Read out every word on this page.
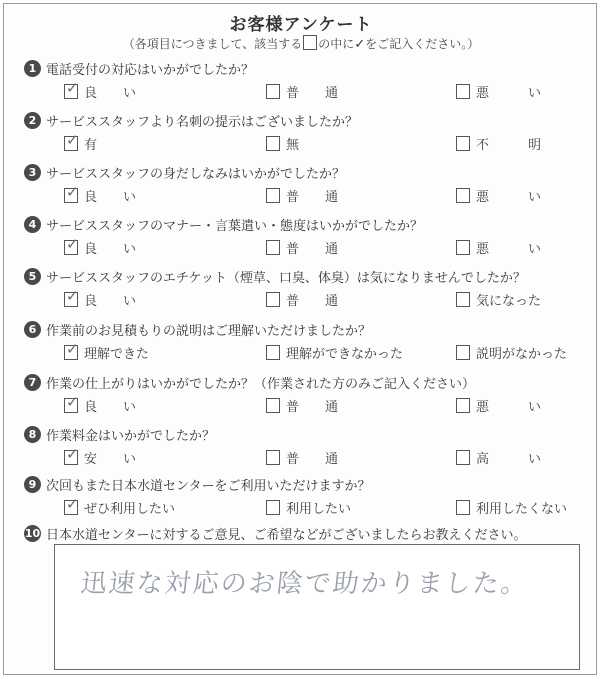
お客様アンケート
（各項目につきまして、該当する の中に✓をご記入ください。）
1 電話受付の対応はいかがでしたか？
✓ 良　　い	普　　通	悪　　　い
2 サービススタッフより名刺の提示はございましたか？
✓ 有	無	不　　　明
3 サービススタッフの身だしなみはいかがでしたか？
✓ 良　　い	普　　通	悪　　　い
4 サービススタッフのマナー・言葉遣い・態度はいかがでしたか？
✓ 良　　い	普　　通	悪　　　い
5 サービススタッフのエチケット（煙草、口臭、体臭）は気になりませんでしたか？
✓ 良　　い	普　　通	気になった
6 作業前のお見積もりの説明はご理解いただけましたか？
✓ 理解できた	理解ができなかった	説明がなかった
7 作業の仕上がりはいかがでしたか？（作業された方のみご記入ください）
✓ 良　　い	普　　通	悪　　　い
8 作業料金はいかがでしたか？
✓ 安　　い	普　　通	高　　　い
9 次回もまた日本水道センターをご利用いただけますか？
✓ ぜひ利用したい	利用したい	利用したくない
10 日本水道センターに対するご意見、ご希望などがございましたらお教えください。
迅速な対応のお陰で助かりました。
